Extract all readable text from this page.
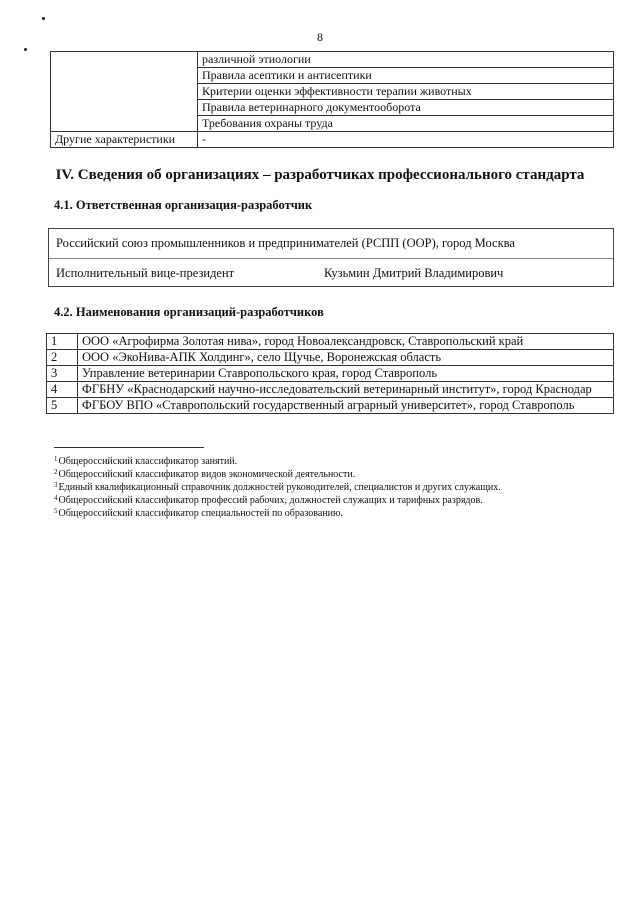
8
	различной этиологии
	Правила асептики и антисептики
	Критерии оценки эффективности терапии животных
	Правила ветеринарного документооборота
	Требования охраны труда
Другие характеристики	-
IV. Сведения об организациях – разработчиках профессионального стандарта
4.1. Ответственная организация-разработчик
Российский союз промышленников и предпринимателей (РСПП (ООР), город Москва
Исполнительный вице-президент	Кузьмин Дмитрий Владимирович
4.2. Наименования организаций-разработчиков
1	ООО «Агрофирма Золотая нива», город Новоалександровск, Ставропольский край
2	ООО «ЭкоНива-АПК Холдинг», село Щучье, Воронежская область
3	Управление ветеринарии Ставропольского края, город Ставрополь
4	ФГБНУ «Краснодарский научно-исследовательский ветеринарный институт», город Краснодар
5	ФГБОУ ВПО «Ставропольский государственный аграрный университет», город Ставрополь
$^1$Общероссийский классификатор занятий.
$^2$Общероссийский классификатор видов экономической деятельности.
$^3$Единый квалификационный справочник должностей руководителей, специалистов и других служащих.
$^4$Общероссийский классификатор профессий рабочих, должностей служащих и тарифных разрядов.
$^5$Общероссийский классификатор специальностей по образованию.
